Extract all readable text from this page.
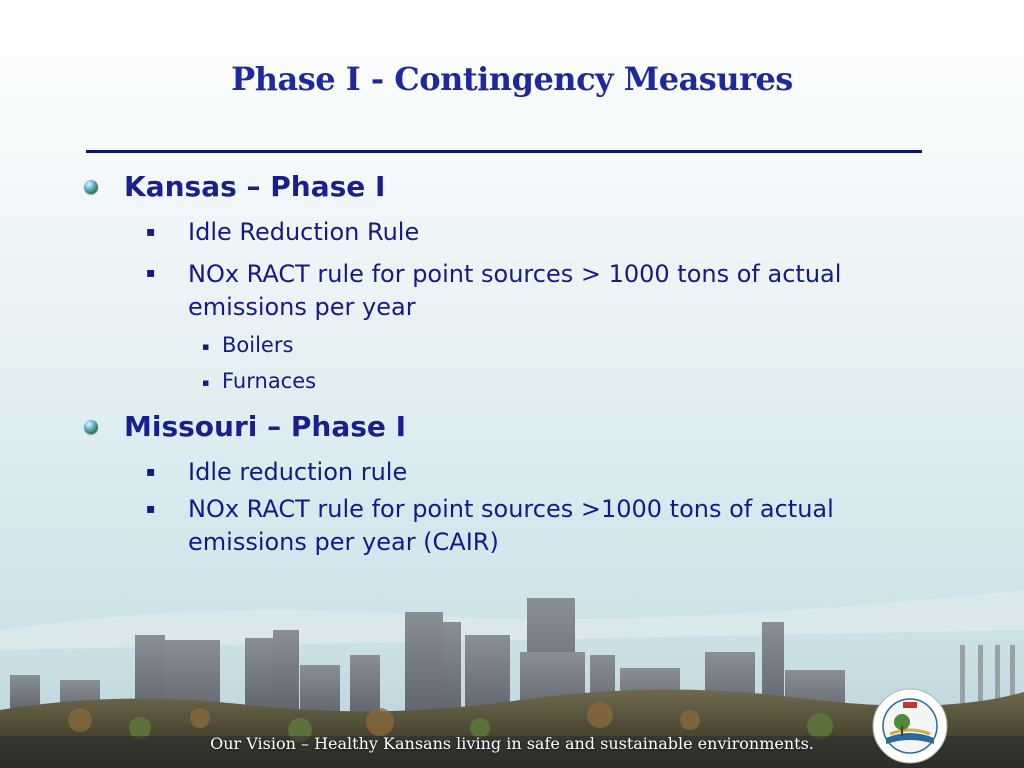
Phase I - Contingency Measures
Kansas – Phase I
▪ Idle Reduction Rule
▪ NOx RACT rule for point sources > 1000 tons of actual emissions per year
▪ Boilers
▪ Furnaces
Missouri – Phase I
▪ Idle reduction rule
▪ NOx RACT rule for point sources >1000 tons of actual emissions per year (CAIR)
Our Vision – Healthy Kansans living in safe and sustainable environments.
